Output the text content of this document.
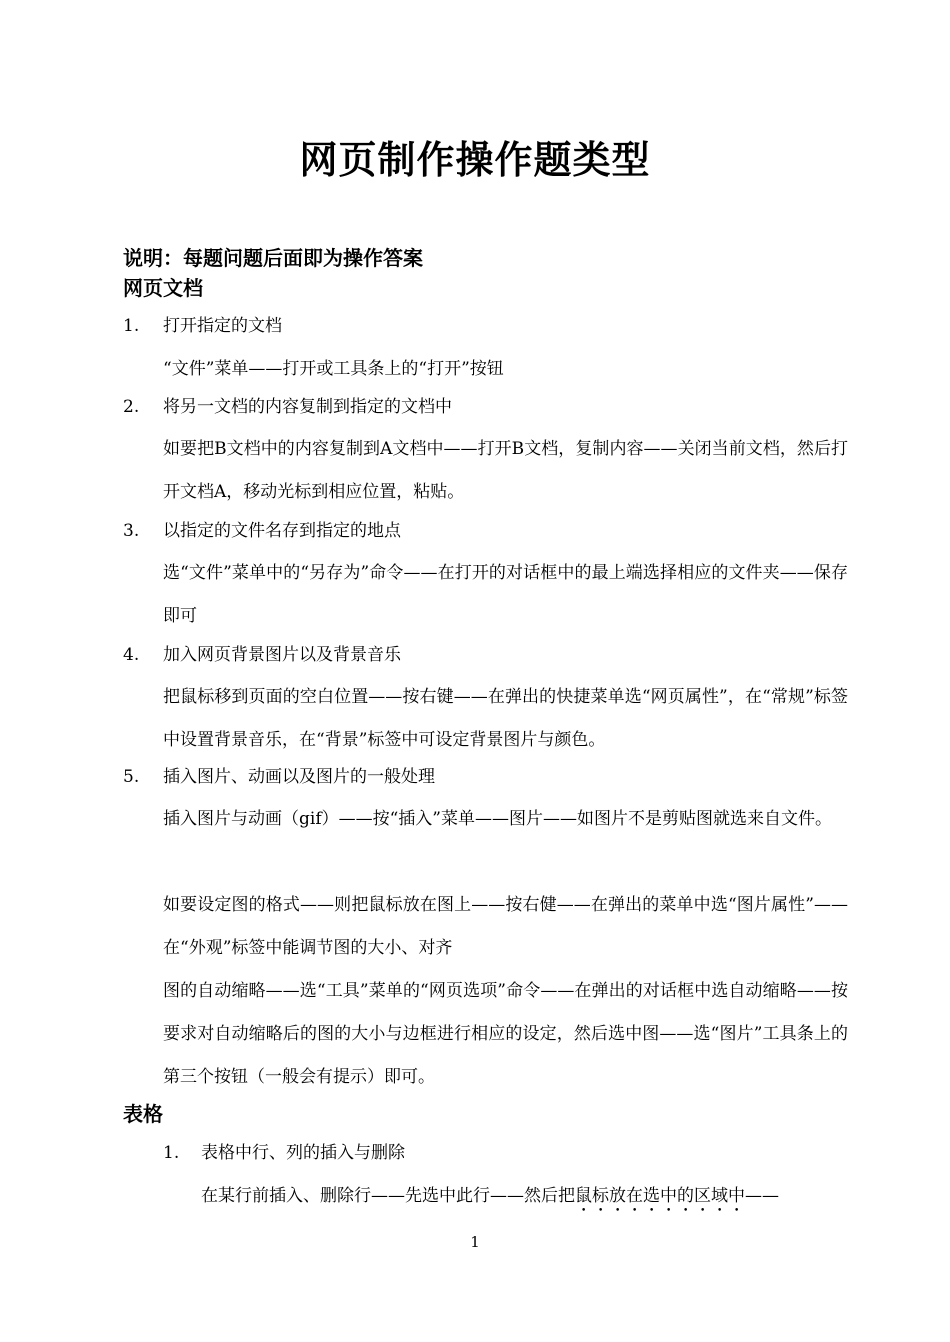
网页制作操作题类型
说明：每题问题后面即为操作答案
网页文档
1. 打开指定的文档
“文件”菜单——打开或工具条上的“打开”按钮
2. 将另一文档的内容复制到指定的文档中
如要把B文档中的内容复制到A文档中——打开B文档，复制内容——关闭当前文档，然后打开文档A，移动光标到相应位置，粘贴。
3. 以指定的文件名存到指定的地点
选“文件”菜单中的“另存为”命令——在打开的对话框中的最上端选择相应的文件夹——保存即可
4. 加入网页背景图片以及背景音乐
把鼠标移到页面的空白位置——按右键——在弹出的快捷菜单选“网页属性”，在“常规”标签中设置背景音乐，在“背景”标签中可设定背景图片与颜色。
5. 插入图片、动画以及图片的一般处理
插入图片与动画（gif）——按“插入”菜单——图片——如图片不是剪贴图就选来自文件。
如要设定图的格式——则把鼠标放在图上——按右健——在弹出的菜单中选“图片属性”——在“外观”标签中能调节图的大小、对齐
图的自动缩略——选“工具”菜单的“网页选项”命令——在弹出的对话框中选自动缩略——按要求对自动缩略后的图的大小与边框进行相应的设定，然后选中图——选“图片”工具条上的第三个按钮（一般会有提示）即可。
表格
1. 表格中行、列的插入与删除
在某行前插入、删除行——先选中此行——然后把鼠标放在选中的区域中——
1
